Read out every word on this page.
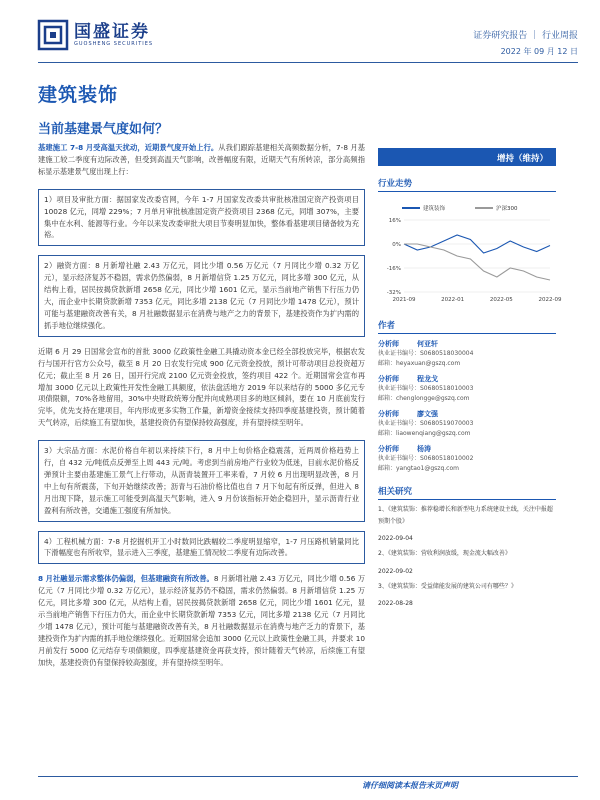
国盛证券
GUOSHENG SECURITIES
证券研究报告 ｜ 行业周报
2022 年 09 月 12 日
建筑装饰
当前基建景气度如何？

基建施工 7-8 月受高温天扰动，近期景气度开始上行。从我们跟踪基建相关高频数据分析，7-8 月基建施工较二季度有边际改善，但受到高温天气影响，改善幅度有限，近期天气有所转凉，部分高频指标显示基建景气度出现上行：

1）项目及审批方面：据国家发改委官网，今年 1-7 月国家发改委共审批核准国定资产投资项目 10028 亿元，同增 229%；7 月单月审批核准国定资产投资项目 2368 亿元，同增 307%，主要集中在水利、能源等行业。今年以来发改委审批大项目节奏明显加快，整体看基建项目储备较为充裕。
2）融资方面：8 月新增社融 2.43 万亿元，同比少增 0.56 万亿元（7 月同比少增 0.32 万亿元），显示经济复苏不稳固，需求仍然偏弱，8 月新增信贷 1.25 万亿元，同比多增 300 亿元，从结构上看，居民按揭贷款新增 2658 亿元，同比少增 1601 亿元，显示当前地产销售下行压力仍大，而企业中长期贷款新增 7353 亿元，同比多增 2138 亿元（7 月同比少增 1478 亿元），预计可能与基建融资改善有关，8 月社融数据显示在消费与地产之力的背景下，基建投资作为扩内需的抓手地位继续强化。

近期 6 月 29 日国常会宣布的首批 3000 亿政策性金融工具撬动资本金已经全部投放完毕，根据农发行与国开行官方公众号，截至 8 月 20 日农发行完成 900 亿元资金投放，预计可带动项目总投资超万亿元；截止至 8 月 26 日，国开行完成 2100 亿元资金投放，签约项目 422 个。近期国常会宣布再增加 3000 亿元以上政策性开发性金融工具额度，依法盘活地方 2019 年以来结存的 5000 多亿元专项债限额，70%各地留用，30%中央财政统筹分配并向成熟项目多的地区倾斜，要在 10 月底前发行完毕，优先支持在建项目，年内形成更多实物工作量，新增资金接续支持四季度基建投资，预计随着天气转凉，后续施工有望加快，基建投资仍有望保持较高强度，并有望持续至明年。

3）大宗品方面：水泥价格自年初以来持续下行，8 月中上旬价格企稳震荡，近两周价格趋势上行，自 432 元/吨低点反弹至上周 443 元/吨。考虑到当前房地产行业较为低迷，目前水泥价格反弹预计主要由基建施工景气上行带动，从沥青装置开工率来看，7 月较 6 月出现明显改善，8 月中上旬有所震荡，下旬开始继续改善；沥青与石油价格比值也自 7 月下旬起有所反弹，但进入 8 月出现下降，显示施工可能受到高温天气影响，进入 9 月份该指标开始企稳回升，显示沥青行业盈利有所改善，交通施工强度有所加快。
4）工程机械方面：7-8 月挖掘机开工小时数同比跌幅较二季度明显缩窄，1-7 月压路机销量同比下滑幅度也有所收窄，显示进入三季度，基建施工情况较二季度有边际改善。

8 月社融显示需求整体仍偏弱，但基建融资有所改善。8 月新增社融 2.43 万亿元，同比少增 0.56 万亿元（7 月同比少增 0.32 万亿元），显示经济复苏仍不稳固，需求仍然偏弱。8 月新增信贷 1.25 万亿元，同比多增 300 亿元，从结构上看，居民按揭贷款新增 2658 亿元，同比少增 1601 亿元，显示当前地产销售下行压力仍大，而企业中长期贷款新增 7353 亿元，同比多增 2138 亿元（7 月同比少增 1478 亿元），预计可能与基建融资改善有关，8 月社融数据显示在消费与地产乏力的背景下，基建投资作为扩内需的抓手地位继续强化。近期国常会追加 3000 亿元以上政策性金融工具，并要求 10 月前发行 5000 亿元结存专项债额度，四季度基建资金再获支持，预计随着天气转凉，后续施工有望加快，基建投资仍有望保持较高强度，并有望持续至明年。

增持（维持）
行业走势
建筑装饰	沪深300
16%
0%
-16%
-32%
2021-09	2022-01	2022-05	2022-09
作者
分析师	何亚轩
执业证书编号：S0680518030004
邮箱：heyaxuan@gszq.com
分析师	程龙戈
执业证书编号：S0680518010003
邮箱：chenglongge@gszq.com
分析师	廖文强
执业证书编号：S0680519070003
邮箱：liaowenqiang@gszq.com
分析师	杨涛
执业证书编号：S0680518010002
邮箱：yangtao1@gszq.com
相关研究
1、《建筑装饰：推荐稳增长和新型电力系统建设主线，关注中报超预期个股》
2022-09-04
2、《建筑装饰：营收利润放缓，现金流大幅改善》
2022-09-02
3、《建筑装饰：受益储能发展的建筑公司有哪些？》
2022-08-28
请仔细阅读本报告末页声明
